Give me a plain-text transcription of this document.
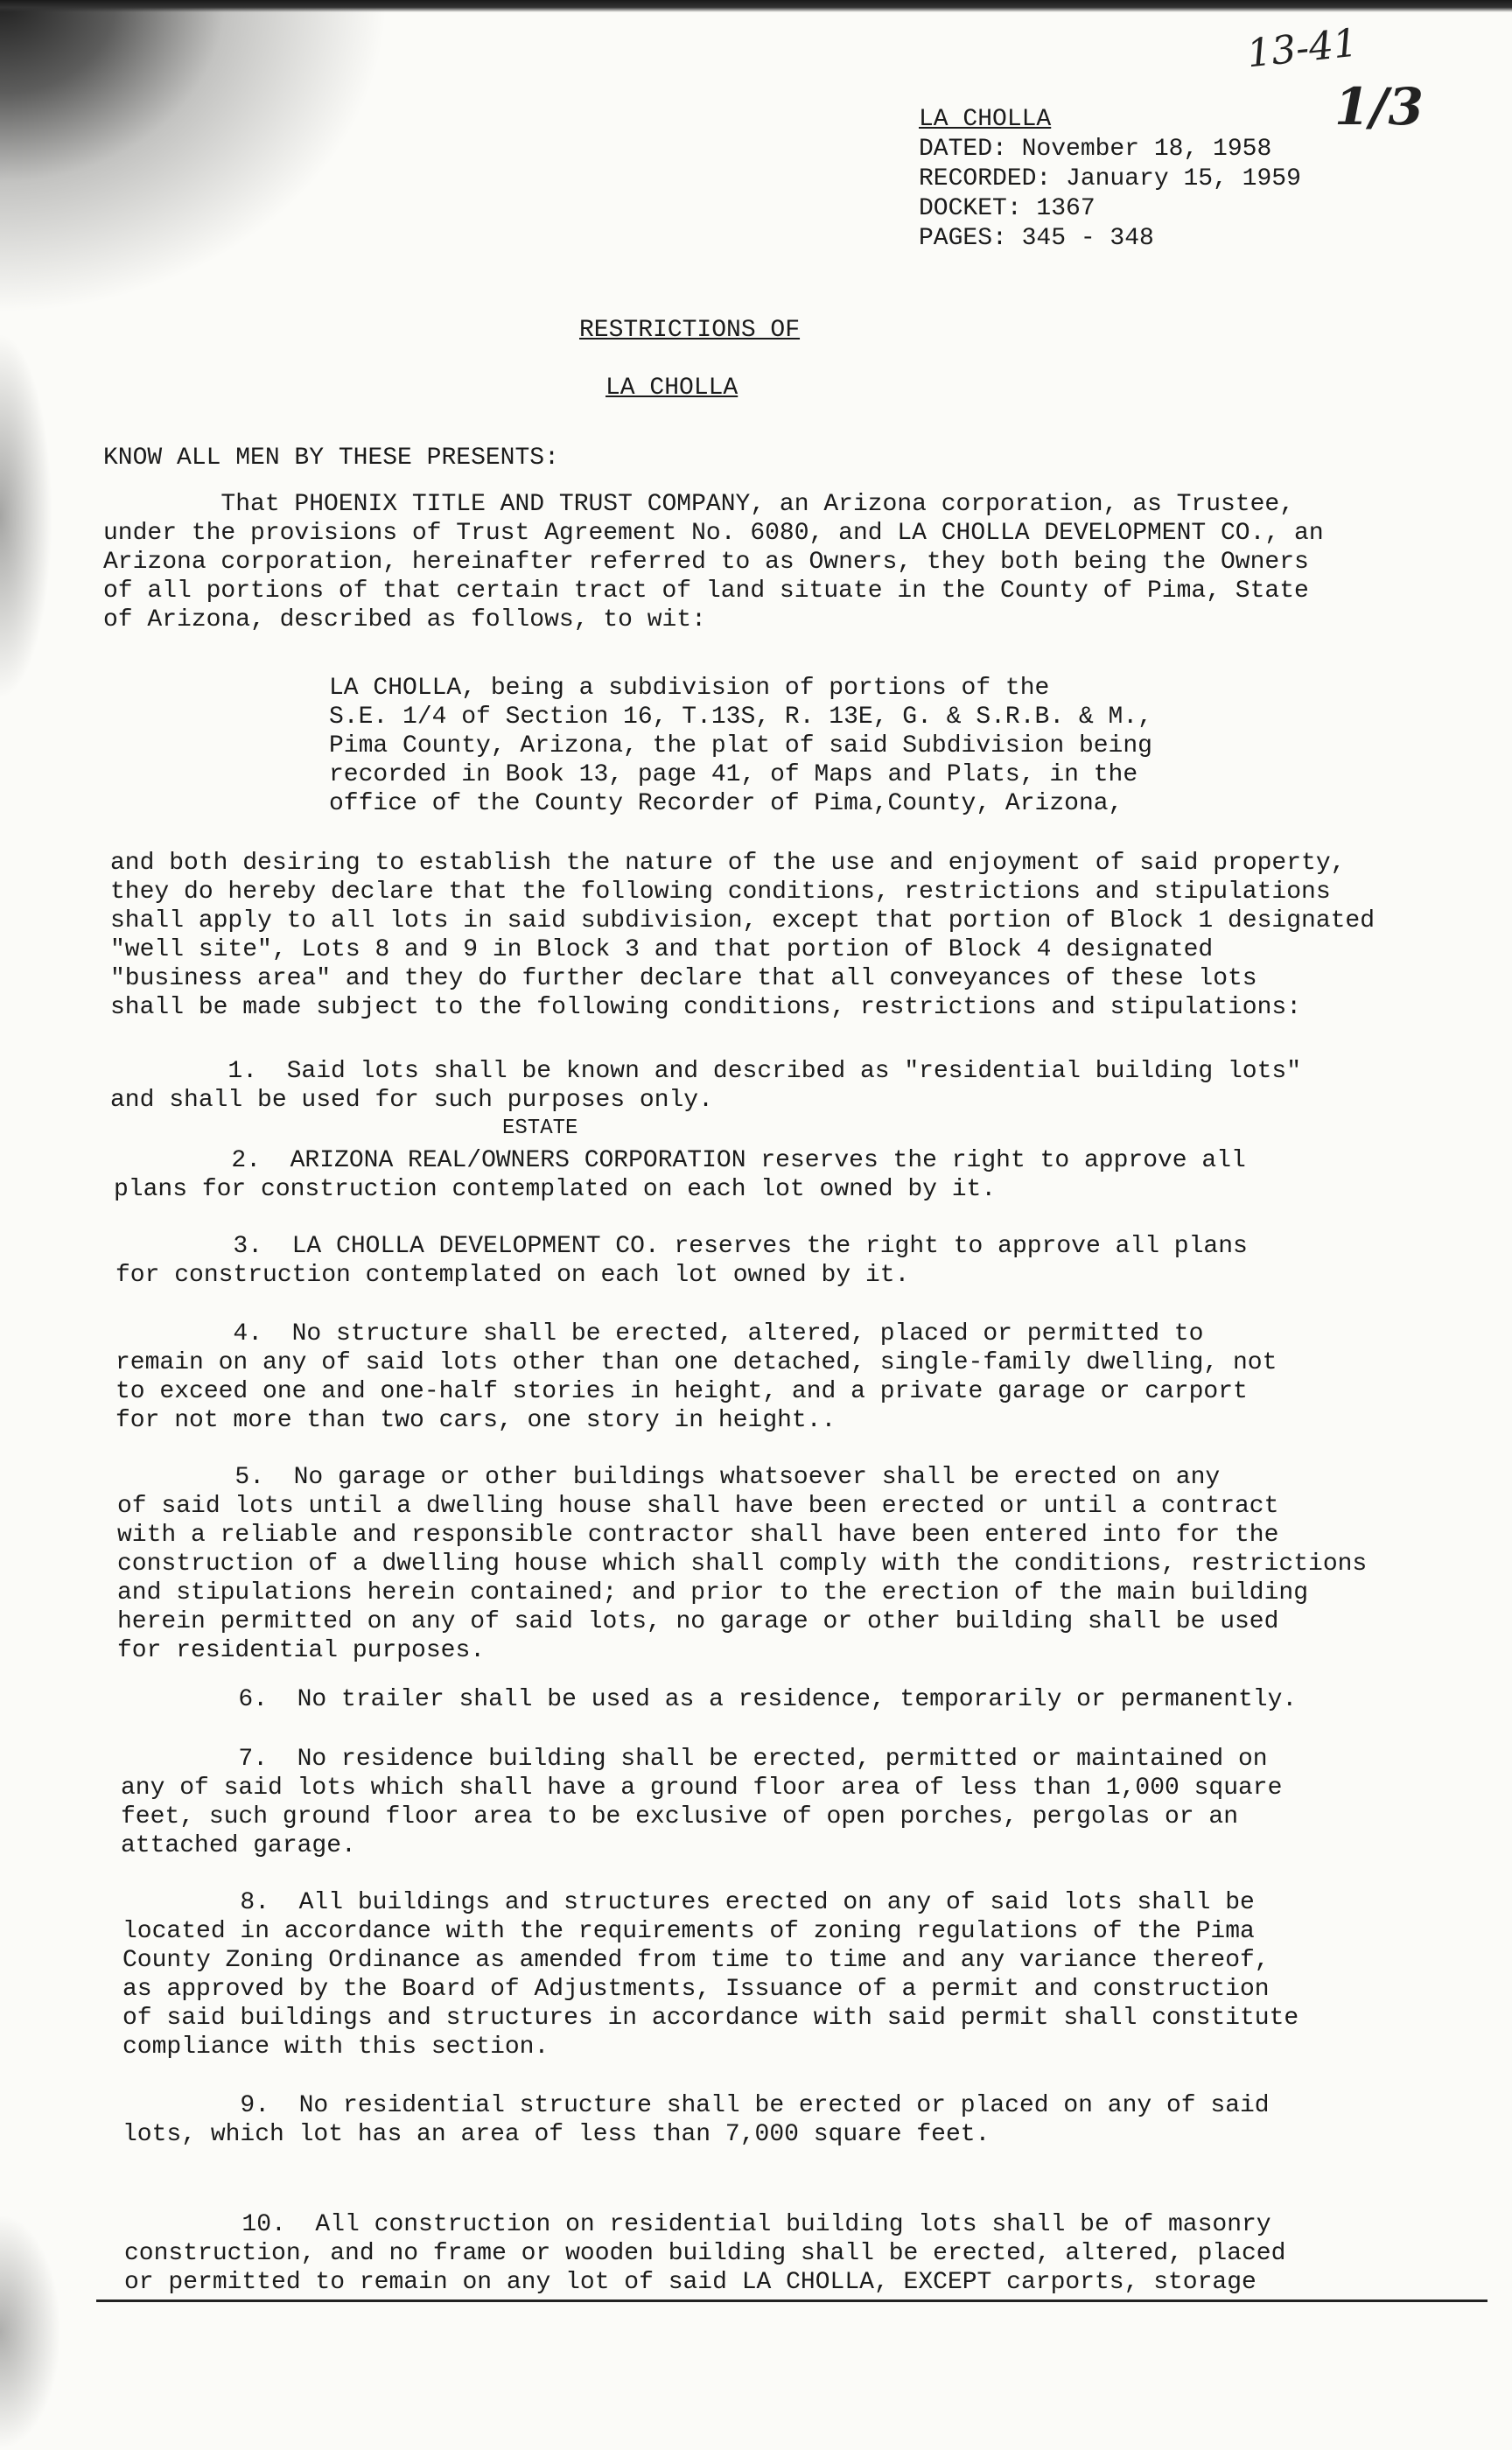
13-41
1/3
LA CHOLLA
DATED: November 18, 1958
RECORDED: January 15, 1959
DOCKET: 1367
PAGES: 345 - 348
RESTRICTIONS OF
LA CHOLLA
KNOW ALL MEN BY THESE PRESENTS:
That PHOENIX TITLE AND TRUST COMPANY, an Arizona corporation, as Trustee,
under the provisions of Trust Agreement No. 6080, and LA CHOLLA DEVELOPMENT CO., an
Arizona corporation, hereinafter referred to as Owners, they both being the Owners
of all portions of that certain tract of land situate in the County of Pima, State
of Arizona, described as follows, to wit:
LA CHOLLA, being a subdivision of portions of the
S.E. 1/4 of Section 16, T.13S, R. 13E, G. & S.R.B. & M.,
Pima County, Arizona, the plat of said Subdivision being
recorded in Book 13, page 41, of Maps and Plats, in the
office of the County Recorder of Pima,County, Arizona,
and both desiring to establish the nature of the use and enjoyment of said property,
they do hereby declare that the following conditions, restrictions and stipulations
shall apply to all lots in said subdivision, except that portion of Block 1 designated
"well site", Lots 8 and 9 in Block 3 and that portion of Block 4 designated
"business area" and they do further declare that all conveyances of these lots
shall be made subject to the following conditions, restrictions and stipulations:
1.  Said lots shall be known and described as "residential building lots"
and shall be used for such purposes only.
ESTATE
2.  ARIZONA REAL/OWNERS CORPORATION reserves the right to approve all
plans for construction contemplated on each lot owned by it.
3.  LA CHOLLA DEVELOPMENT CO. reserves the right to approve all plans
for construction contemplated on each lot owned by it.
4.  No structure shall be erected, altered, placed or permitted to
remain on any of said lots other than one detached, single-family dwelling, not
to exceed one and one-half stories in height, and a private garage or carport
for not more than two cars, one story in height..
5.  No garage or other buildings whatsoever shall be erected on any
of said lots until a dwelling house shall have been erected or until a contract
with a reliable and responsible contractor shall have been entered into for the
construction of a dwelling house which shall comply with the conditions, restrictions
and stipulations herein contained; and prior to the erection of the main building
herein permitted on any of said lots, no garage or other building shall be used
for residential purposes.
6.  No trailer shall be used as a residence, temporarily or permanently.
7.  No residence building shall be erected, permitted or maintained on
any of said lots which shall have a ground floor area of less than 1,000 square
feet, such ground floor area to be exclusive of open porches, pergolas or an
attached garage.
8.  All buildings and structures erected on any of said lots shall be
located in accordance with the requirements of zoning regulations of the Pima
County Zoning Ordinance as amended from time to time and any variance thereof,
as approved by the Board of Adjustments, Issuance of a permit and construction
of said buildings and structures in accordance with said permit shall constitute
compliance with this section.
9.  No residential structure shall be erected or placed on any of said
lots, which lot has an area of less than 7,000 square feet.
10.  All construction on residential building lots shall be of masonry
construction, and no frame or wooden building shall be erected, altered, placed
or permitted to remain on any lot of said LA CHOLLA, EXCEPT carports, storage
